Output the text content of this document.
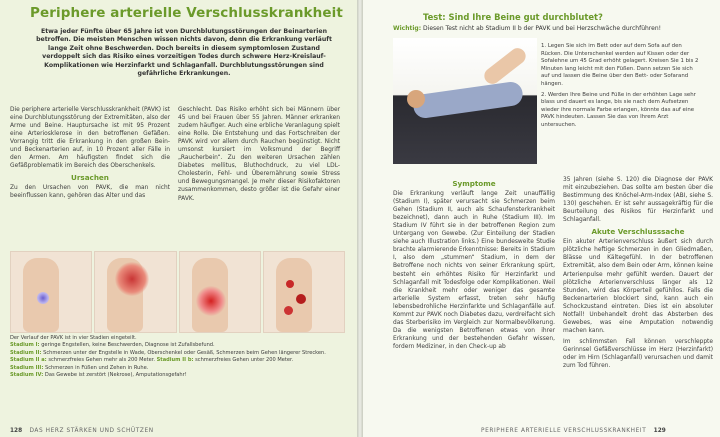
Periphere arterielle Verschlusskrankheit

Etwa jeder Fünfte über 65 Jahre ist von Durchblutungsstörungen der Beinarterien betroffen. Die meisten Menschen wissen nichts davon, denn die Erkrankung verläuft lange Zeit ohne Beschwerden. Doch bereits in diesem symptomlosen Zustand verdoppelt sich das Risiko eines vorzeitigen Todes durch schwere Herz-Kreislauf-Komplikationen wie Herzinfarkt und Schlaganfall. Durchblutungsstörungen sind gefährliche Erkrankungen.

Die periphere arterielle Verschlusskrankheit (PAVK) ist eine Durchblutungsstörung der Extremitäten, also der Arme und Beine. Hauptursache ist mit 95 Prozent eine Arteriosklerose in den betroffenen Gefäßen. Vorrangig tritt die Erkrankung in den großen Bein- und Beckenarterien auf, in 10 Prozent aller Fälle in den Armen. Am häufigsten findet sich die Gefäßproblematik im Bereich des Oberschenkels.

Ursachen

Zu den Ursachen von PAVK, die man nicht beeinflussen kann, gehören das Alter und das

Geschlecht. Das Risiko erhöht sich bei Männern über 45 und bei Frauen über 55 Jahren. Männer erkranken zudem häufiger. Auch eine erbliche Veranlagung spielt eine Rolle. Die Entstehung und das Fortschreiten der PAVK wird vor allem durch Rauchen begünstigt. Nicht umsonst kursiert im Volksmund der Begriff „Raucherbein“. Zu den weiteren Ursachen zählen Diabetes mellitus, Bluthochdruck, zu viel LDL-Cholesterin, Fehl- und Überernährung sowie Stress und Bewegungsmangel. Je mehr dieser Risikofaktoren zusammenkommen, desto größer ist die Gefahr einer PAVK.

Der Verlauf der PAVK ist in vier Stadien eingeteilt.
Stadium I: geringe Engstellen, keine Beschwerden, Diagnose ist Zufallsbefund.
Stadium II: Schmerzen unter der Engstelle in Wade, Oberschenkel oder Gesäß, Schmerzen beim Gehen längerer Strecken.
Stadium II a: schmerzfreies Gehen mehr als 200 Meter. Stadium II b: schmerzfreies Gehen unter 200 Meter.
Stadium III: Schmerzen in Füßen und Zehen in Ruhe.
Stadium IV: Das Gewebe ist zerstört (Nekrose), Amputationsgefahr!
128 DAS HERZ STÄRKEN UND SCHÜTZEN
Test: Sind Ihre Beine gut durchblutet?
Wichtig: Diesen Test nicht ab Stadium II b der PAVK und bei Herzschwäche durchführen!

1. Legen Sie sich im Bett oder auf dem Sofa auf den Rücken. Die Unterschenkel werden auf Kissen oder der Sofalehne um 45 Grad erhöht gelagert. Kreisen Sie 1 bis 2 Minuten lang leicht mit den Füßen. Dann setzen Sie sich auf und lassen die Beine über den Bett- oder Sofarand hängen.

2. Werden Ihre Beine und Füße in der erhöhten Lage sehr blass und dauert es lange, bis sie nach dem Aufsetzen wieder ihre normale Farbe erlangen, könnte das auf eine PAVK hindeuten. Lassen Sie das von Ihrem Arzt untersuchen.

Symptome

Die Erkrankung verläuft lange Zeit unauffällig (Stadium I), später verursacht sie Schmerzen beim Gehen (Stadium II, auch als Schaufensterkrankheit bezeichnet), dann auch in Ruhe (Stadium III). Im Stadium IV führt sie in der betroffenen Region zum Untergang von Gewebe. (Zur Einteilung der Stadien siehe auch Illustration links.) Eine bundesweite Studie brachte alarmierende Erkenntnisse: Bereits in Stadium I, also dem „stummen“ Stadium, in dem der Betroffene noch nichts von seiner Erkrankung spürt, besteht ein erhöhtes Risiko für Herzinfarkt und Schlaganfall mit Todesfolge oder Komplikationen. Weil die Krankheit mehr oder weniger das gesamte arterielle System erfasst, treten sehr häufig lebensbedrohliche Herzinfarkte und Schlaganfälle auf. Kommt zur PAVK noch Diabetes dazu, verdreifacht sich das Sterberisiko im Vergleich zur Normalbevölkerung. Da die wenigsten Betroffenen etwas von ihrer Erkrankung und der bestehenden Gefahr wissen, fordern Mediziner, in den Check-up ab

35 Jahren (siehe S. 120) die Diagnose der PAVK mit einzubeziehen. Das sollte am besten über die Bestimmung des Knöchel-Arm-Index (ABI, siehe S. 130) geschehen. Er ist sehr aussagekräftig für die Beurteilung des Risikos für Herzinfarkt und Schlaganfall.

Akute Verschlusssache

Ein akuter Arterienverschluss äußert sich durch plötzliche heftige Schmerzen in den Gliedmaßen, Blässe und Kältegefühl. In der betroffenen Extremität, also dem Bein oder Arm, können keine Arterienpulse mehr gefühlt werden. Dauert der plötzliche Arterienverschluss länger als 12 Stunden, wird das Körperteil gefühllos. Falls die Beckenarterien blockiert sind, kann auch ein Schockzustand eintreten. Dies ist ein absoluter Notfall! Unbehandelt droht das Absterben des Gewebes, was eine Amputation notwendig machen kann.

Im schlimmsten Fall können verschleppte Gerinnsel Gefäßverschlüsse im Herz (Herzinfarkt) oder im Hirn (Schlaganfall) verursachen und damit zum Tod führen.

PERIPHERE ARTERIELLE VERSCHLUSSKRANKHEIT 129
